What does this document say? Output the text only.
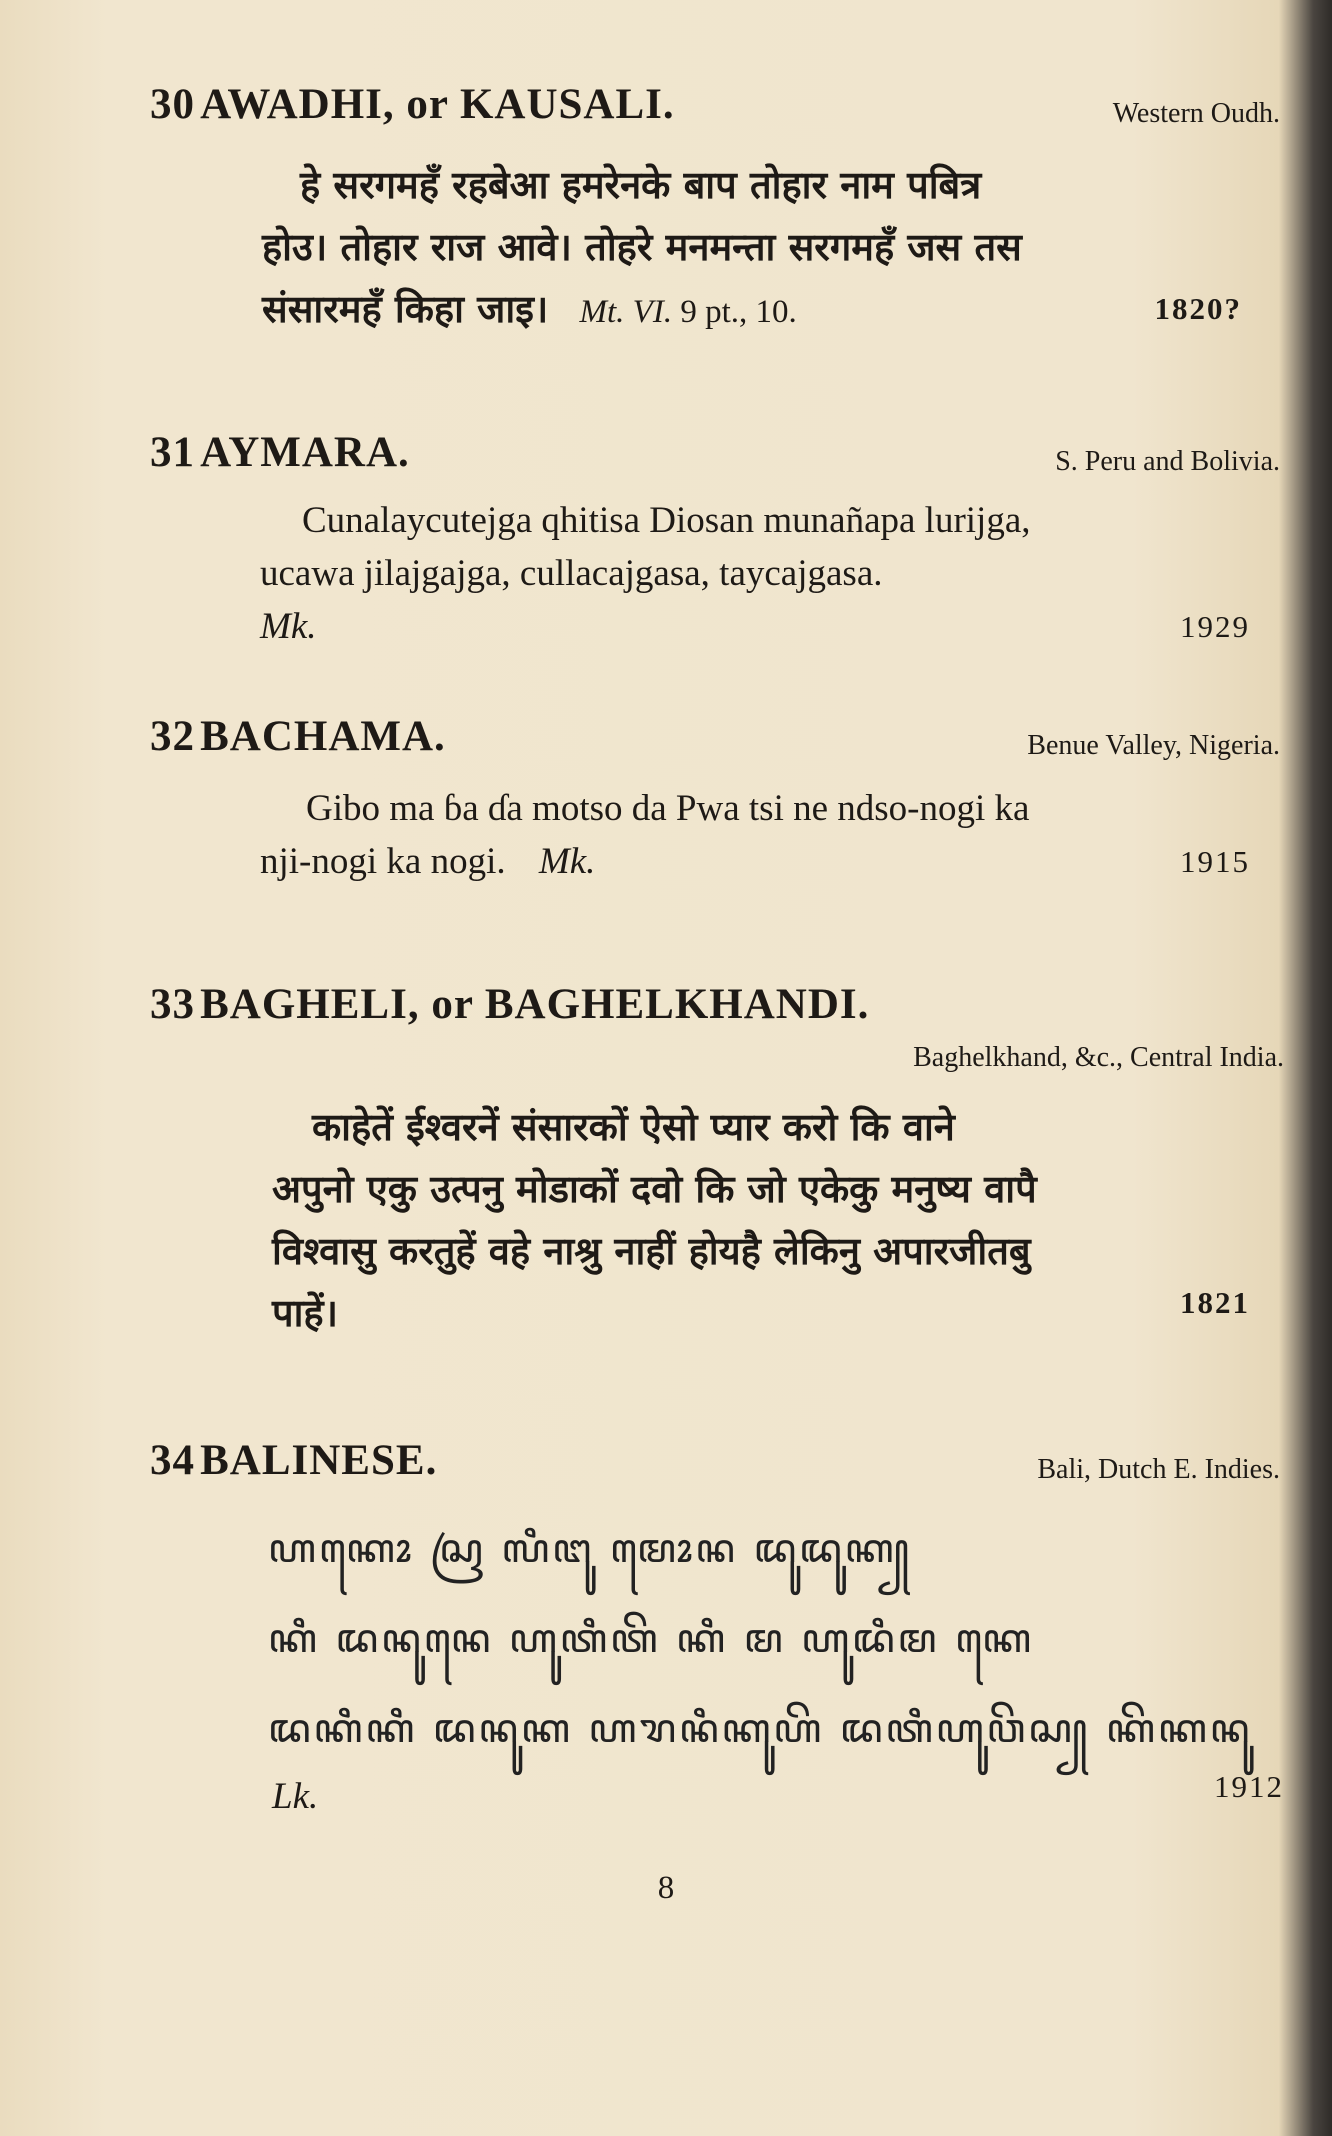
30 AWADHI, or KAUSALI.	Western Oudh.
हे सरगमहँ रहबेआ हमरेनके बाप तोहार नाम पबित्र
होउ। तोहार राज आवे। तोहरे मनमन्ता सरगमहँ जस तस
संसारमहँ किहा जाइ। Mt. VI. 9 pt., 10.	1820?
31 AYMARA.	S. Peru and Bolivia.
Cunalaycutejga qhitisa Diosan munañapa lurijga,
ucawa jilajgajga, cullacajgasa, taycajgasa.
Mk.	1929
32 BACHAMA.	Benue Valley, Nigeria.
Gibo ma ɓa ɗa motso da Pwa tsi ne ndso-nogi ka
nji-nogi ka nogi. Mk.	1915
33 BAGHELI, or BAGHELKHANDI.
Baghelkhand, &c., Central India.
काहेतें ईश्वरनें संसारकों ऐसो प्यार करो कि वाने
अपुनो एकु उत्पनु मोडाकों दवो कि जो एकेकु मनुष्य वापै
विश्वासु करतुहें वहे नाश्रु नाहीं होयहै लेकिनु अपारजीतबु
पाहें।	1821
34 BALINESE.	Bali, Dutch E. Indies.
ꦲꦏꦺꦴ ꦱꦿ ꦭꦶꦔꦸ ꦩꦺꦴꦤ ꦢꦸꦢꦸꦏ꧀
ꦏꦶ ꦢꦤꦸꦤꦺ ꦲꦸꦠꦶꦠꦼ ꦏꦶ ꦩ ꦲꦸꦢꦶꦩ ꦏꦺ
ꦢꦏꦶꦏꦶ ꦢꦤꦸꦏ ꦲꦫꦤꦶꦏꦸꦲꦼ ꦢꦠꦶꦲꦸꦮꦼꦱ꧀ ꦏꦼꦏꦤꦸ
Lk.	1912
8
